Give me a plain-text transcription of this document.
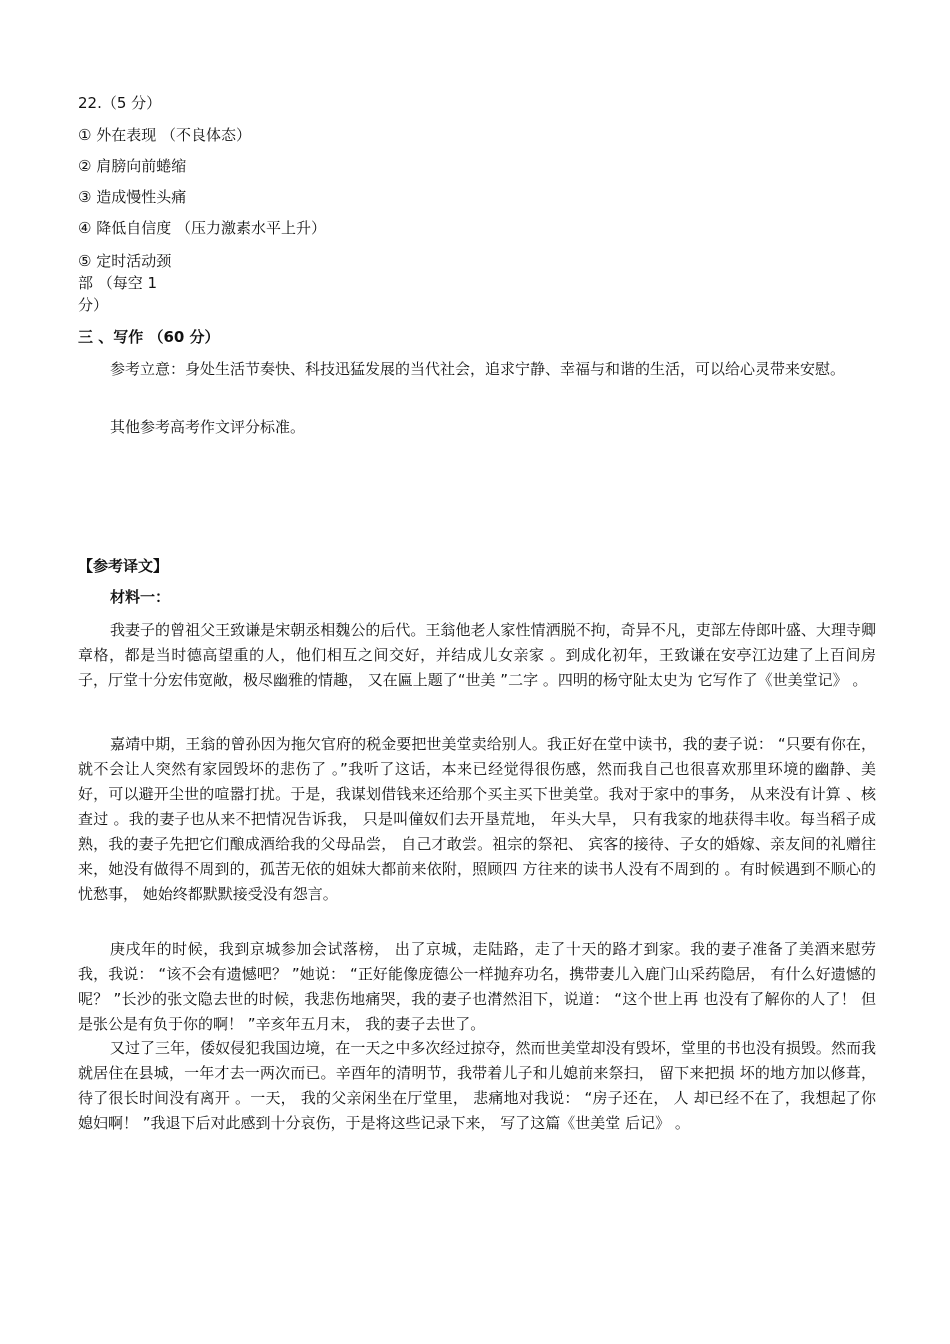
22.（5 分）
① 外在表现 （不良体态）
② 肩膀向前蜷缩
③ 造成慢性头痛
④ 降低自信度 （压力激素水平上升）
⑤ 定时活动颈
部 （每空 1
分）
三 、写作 （60 分）

参考立意：身处生活节奏快、科技迅猛发展的当代社会，追求宁静、幸福与和谐的生活，可以给心灵带来安慰。

其他参考高考作文评分标准。

【参考译文】
材料一：

我妻子的曾祖父王致谦是宋朝丞相魏公的后代。王翁他老人家性情洒脱不拘，奇异不凡，吏部左侍郎叶盛、大理寺卿章格，都是当时德高望重的人，他们相互之间交好，并结成儿女亲家 。到成化初年，王致谦在安亭江边建了上百间房子，厅堂十分宏伟宽敞，极尽幽雅的情趣， 又在匾上题了“世美 ”二字 。四明的杨守阯太史为 它写作了《世美堂记》 。

嘉靖中期，王翁的曾孙因为拖欠官府的税金要把世美堂卖给别人。我正好在堂中读书，我的妻子说： “只要有你在，就不会让人突然有家园毁坏的悲伤了 。”我听了这话，本来已经觉得很伤感，然而我自己也很喜欢那里环境的幽静、美好，可以避开尘世的喧嚣打扰。于是，我谋划借钱来还给那个买主买下世美堂。我对于家中的事务， 从来没有计算 、核查过 。我的妻子也从来不把情况告诉我， 只是叫僮奴们去开垦荒地， 年头大旱， 只有我家的地获得丰收。每当稻子成熟，我的妻子先把它们酿成酒给我的父母品尝， 自己才敢尝。祖宗的祭祀、 宾客的接待、子女的婚嫁、亲友间的礼赠往来，她没有做得不周到的，孤苦无依的姐妹大都前来依附，照顾四 方往来的读书人没有不周到的 。有时候遇到不顺心的忧愁事， 她始终都默默接受没有怨言。

庚戌年的时候，我到京城参加会试落榜， 出了京城，走陆路，走了十天的路才到家。我的妻子准备了美酒来慰劳我，我说： “该不会有遗憾吧？ ”她说： “正好能像庞德公一样抛弃功名，携带妻儿入鹿门山采药隐居， 有什么好遗憾的呢？ ”长沙的张文隐去世的时候，我悲伤地痛哭，我的妻子也潸然泪下，说道： “这个世上再 也没有了解你的人了！ 但是张公是有负于你的啊！ ”辛亥年五月末， 我的妻子去世了。

又过了三年，倭奴侵犯我国边境，在一天之中多次经过掠夺，然而世美堂却没有毁坏，堂里的书也没有损毁。然而我就居住在县城，一年才去一两次而已。辛酉年的清明节，我带着儿子和儿媳前来祭扫， 留下来把损 坏的地方加以修葺， 待了很长时间没有离开 。一天， 我的父亲闲坐在厅堂里， 悲痛地对我说： “房子还在， 人 却已经不在了，我想起了你媳妇啊！ ”我退下后对此感到十分哀伤，于是将这些记录下来， 写了这篇《世美堂 后记》 。
